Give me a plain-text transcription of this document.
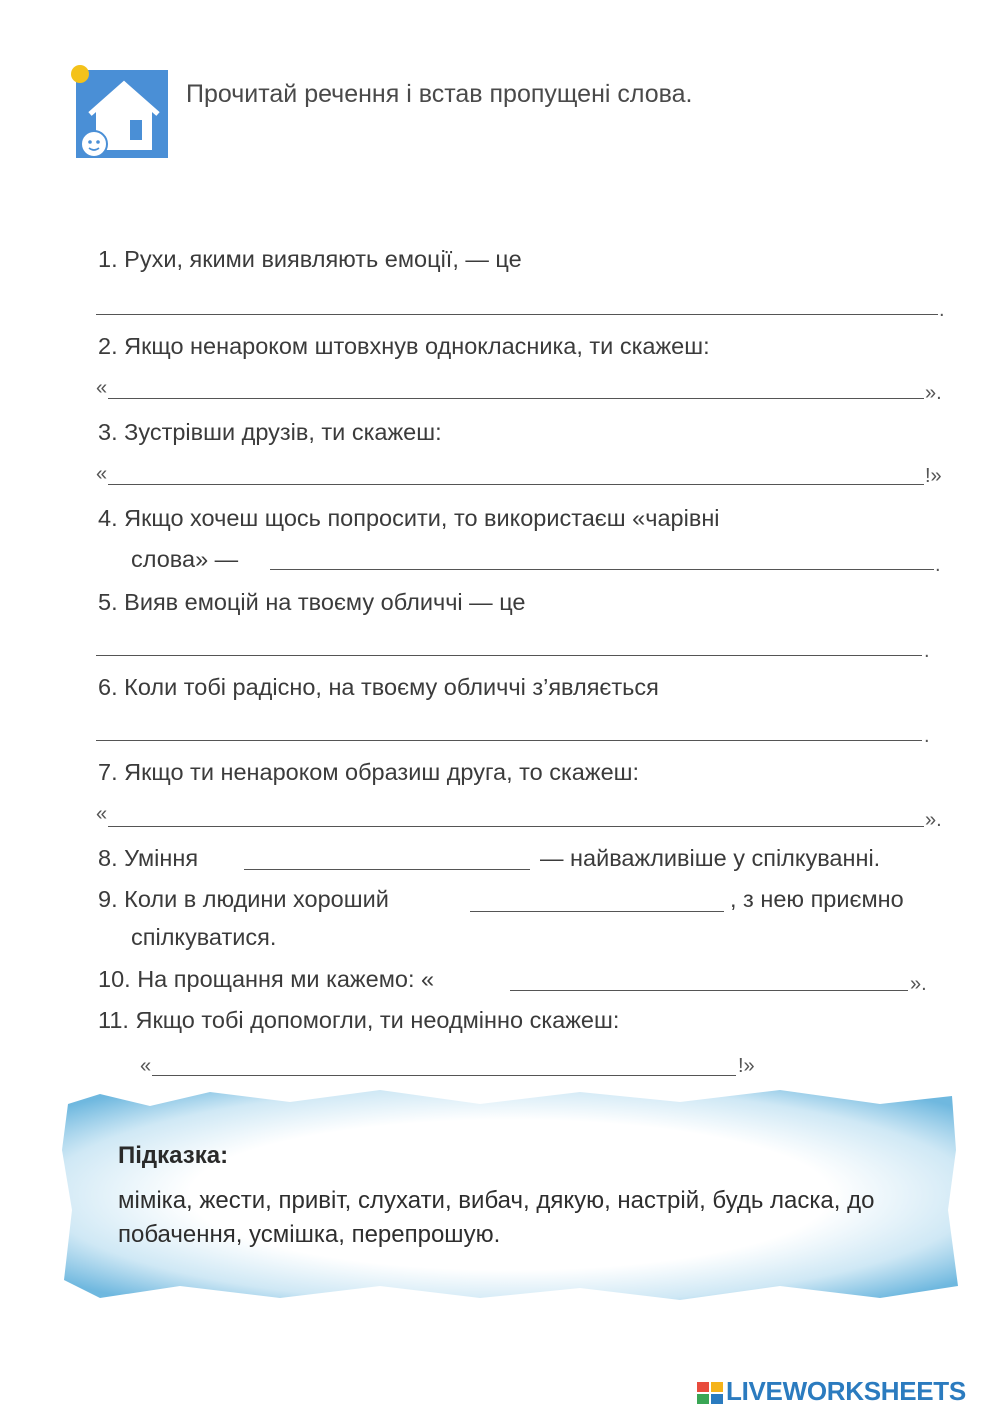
Прочитай речення і встав пропущені слова.
1. Рухи, якими виявляють емоції, — це
.
2. Якщо ненароком штовхнув однокласника, ти скажеш:
«	».
3. Зустрівши друзів, ти скажеш:
«	!»
4. Якщо хочеш щось попросити, то використаєш «чарівні
слова» —	.
5. Вияв емоцій на твоєму обличчі — це
.
6. Коли тобі радісно, на твоєму обличчі з’являється
.
7. Якщо ти ненароком образиш друга, то скажеш:
«	».
8. Уміння	— найважливіше у спілкуванні.
9. Коли в людини хороший	, з нею приємно
спілкуватися.
10. На прощання ми кажемо: «	».
11. Якщо тобі допомогли, ти неодмінно скажеш:
«	!»
Підказка:
міміка, жести, привіт, слухати, вибач, дякую, настрій, будь ласка, до побачення, усмішка, перепрошую.
LIVEWORKSHEETS
